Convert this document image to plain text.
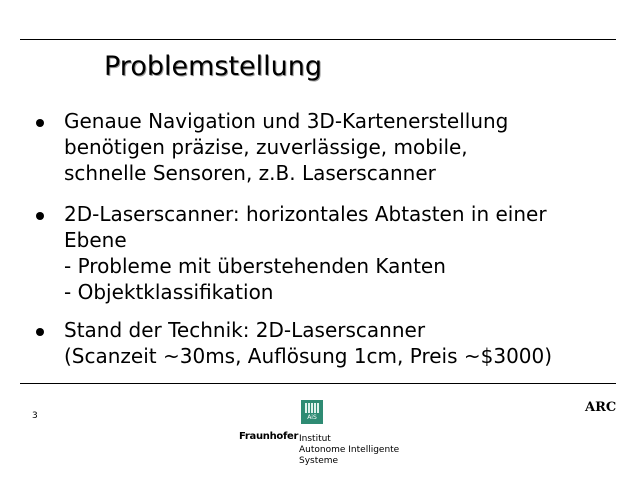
Problemstellung
Genaue Navigation und 3D-Kartenerstellung
benötigen präzise, zuverlässige, mobile,
schnelle Sensoren, z.B. Laserscanner
2D-Laserscanner: horizontales Abtasten in einer
Ebene
- Probleme mit überstehenden Kanten
- Objektklassifikation
Stand der Technik: 2D-Laserscanner
(Scanzeit ~30ms, Auflösung 1cm, Preis ~$3000)
3	AiS
Fraunhofer Institut
Autonome Intelligente
Systeme
ARC
